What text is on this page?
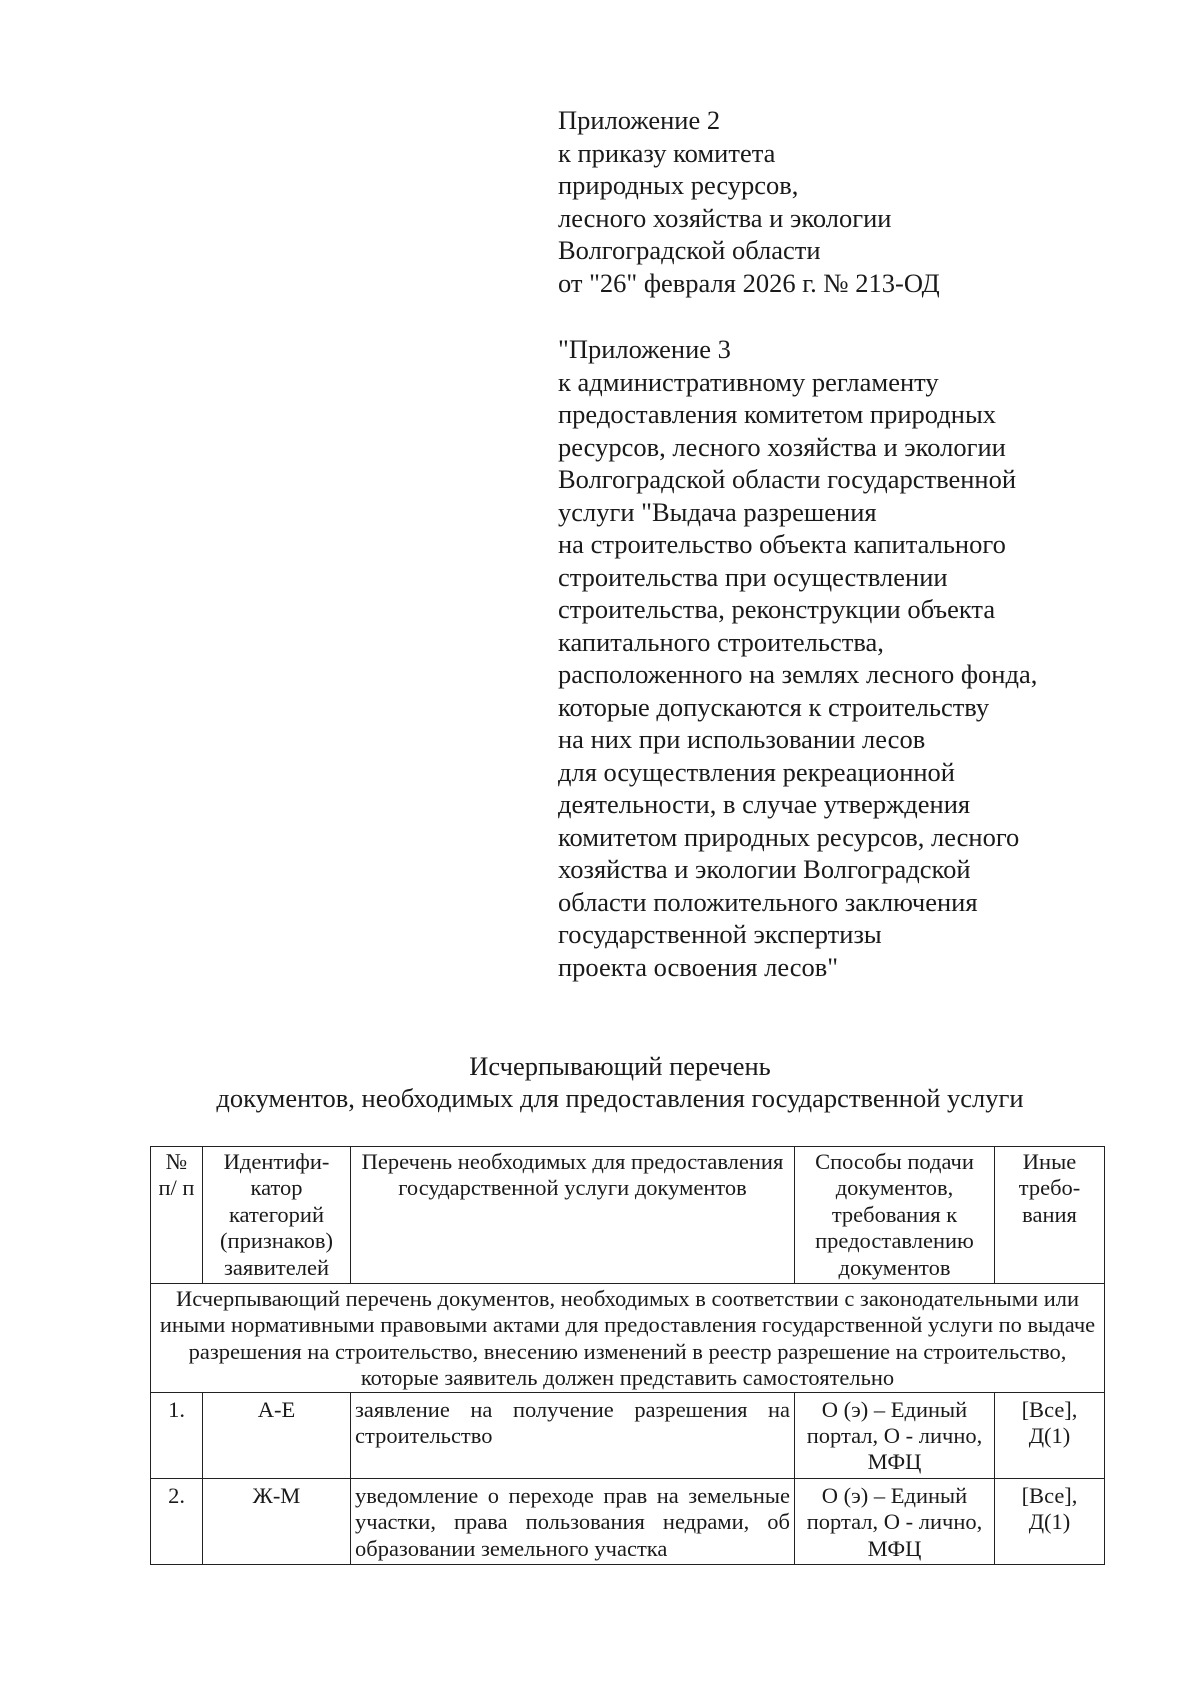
Приложение 2
к приказу комитета
природных ресурсов,
лесного хозяйства и экологии
Волгоградской области
от "26" февраля 2026 г. № 213-ОД
"Приложение 3
к административному регламенту
предоставления комитетом природных
ресурсов, лесного хозяйства и экологии
Волгоградской области государственной
услуги "Выдача разрешения
на строительство объекта капитального
строительства при осуществлении
строительства, реконструкции объекта
капитального строительства,
расположенного на землях лесного фонда,
которые допускаются к строительству
на них при использовании лесов
для осуществления рекреационной
деятельности, в случае утверждения
комитетом природных ресурсов, лесного
хозяйства и экологии Волгоградской
области положительного заключения
государственной экспертизы
проекта освоения лесов"
Исчерпывающий перечень
документов, необходимых для предоставления государственной услуги
№ п/ п	Идентифи- катор категорий (признаков) заявителей	Перечень необходимых для предоставления государственной услуги документов	Способы подачи документов, требования к предоставлению документов	Иные требо- вания
Исчерпывающий перечень документов, необходимых в соответствии с законодательными или иными нормативными правовыми актами для предоставления государственной услуги по выдаче разрешения на строительство, внесению изменений в реестр разрешение на строительство, которые заявитель должен представить самостоятельно				
1.	А-Е	заявление на получение разрешения на строительство	О (э) – Единый портал, О - лично, МФЦ	[Все], Д(1)
2.	Ж-М	уведомление о переходе прав на земельные участки, права пользования недрами, об образовании земельного участка	О (э) – Единый портал, О - лично, МФЦ	[Все], Д(1)
